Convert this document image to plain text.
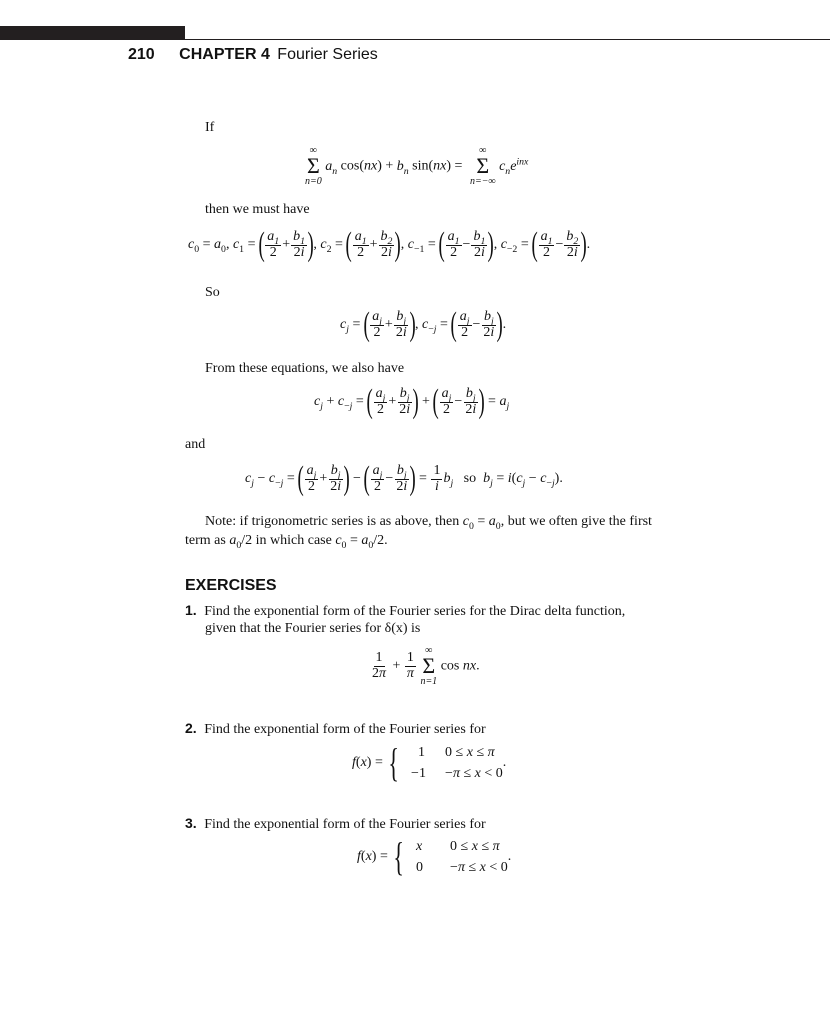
210 CHAPTER 4 Fourier Series
If
∞
Σ
n=0
$a_n$ $\cos(nx) + b_n$ sin(nx) =
∞
Σ
n=−∞
$c_ne^{inx}$
then we must have
$c_0 = a_0$, $c_1$ = ( $\frac{a_1}{2} + \frac{b_1}{2i}$ ), $c_2$ = ( $\frac{a_1}{2} + \frac{b_2}{2i}$ ), $c_{-1}$ = ( $\frac{a_1}{2} - \frac{b_1}{2i}$ ), $c_{-2}$ = ( $\frac{a_1}{2} - \frac{b_2}{2i}$ ).
So
$c_j$ = ( $\frac{a_j}{2} + \frac{b_j}{2i}$ ), $c_{-j}$ = ( $\frac{a_j}{2} - \frac{b_j}{2i}$ ).
From these equations, we also have
$c_j + c_{-j}$ = ( $\frac{a_j}{2} + \frac{b_j}{2i}$ ) + ( $\frac{a_j}{2} - \frac{b_j}{2i}$ ) = $a_j$
and
$c_j - c_{-j}$ = ( $\frac{a_j}{2} + \frac{b_j}{2i}$ ) − ( $\frac{a_j}{2} - \frac{b_j}{2i}$ ) = $\frac{1}{i} b_j$ so $b_j = i(c_j - c_{-j})$.
Note: if trigonometric series is as above, then $c_0 = a_0$, but we often give the first
term as $a_0/2$ in which case $c_0 = a_0/2$.
EXERCISES
1. Find the exponential form of the Fourier series for the Dirac delta function,
given that the Fourier series for δ(x) is
$\frac{1}{2\pi} + \frac{1}{\pi}$

∞
Σ
n=1
cos nx.
2. Find the exponential form of the Fourier series for
f(x) = { 1	0 ≤ x ≤ π
−1	−π ≤ x < 0
.
3. Find the exponential form of the Fourier series for
f(x) = { x	0 ≤ x ≤ π
0	−π ≤ x < 0
.
